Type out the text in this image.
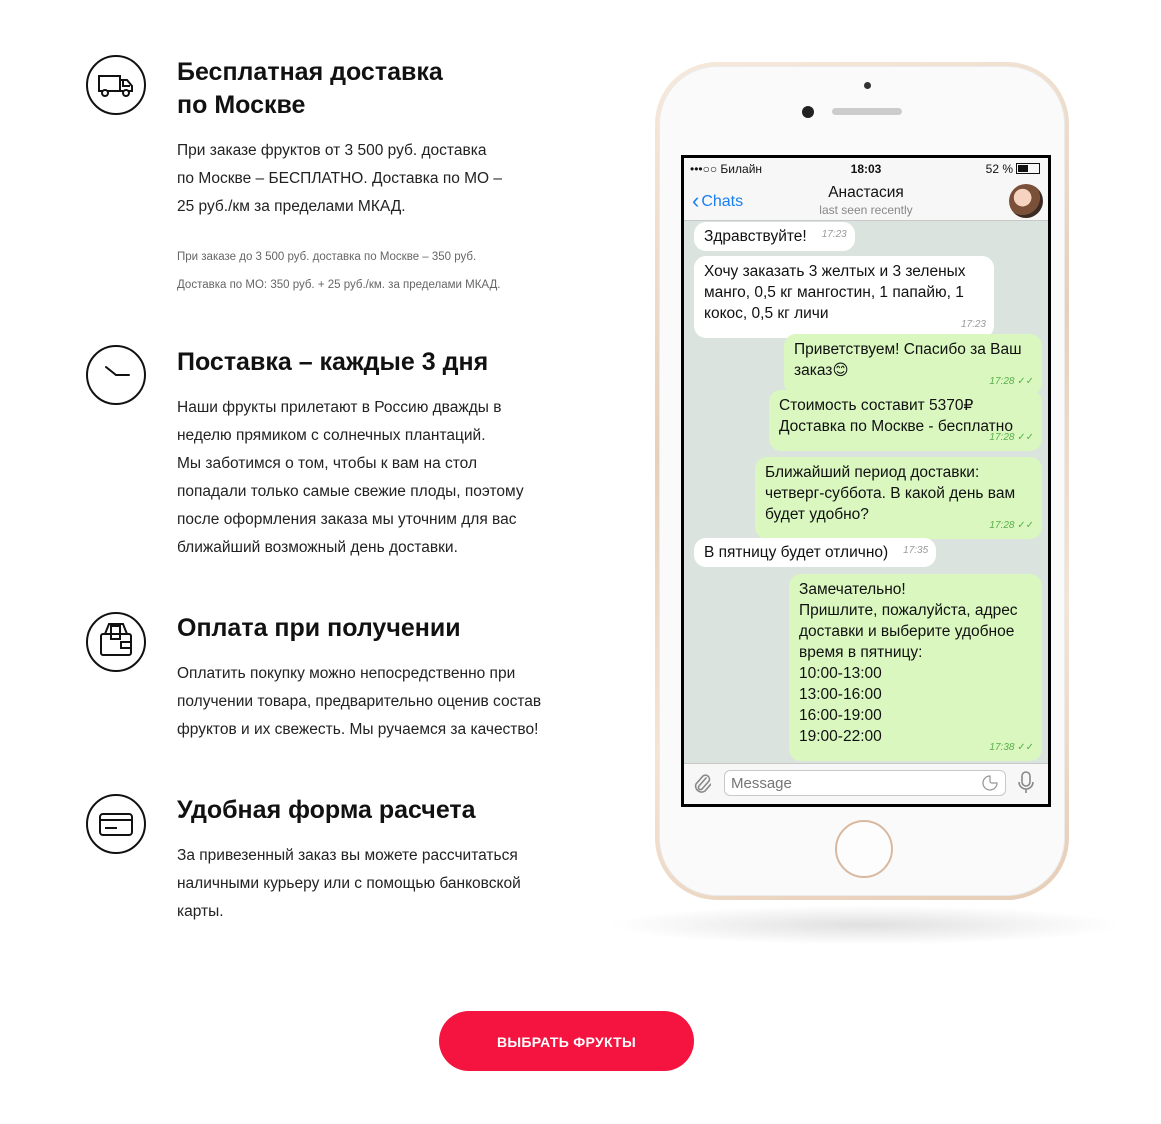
Бесплатная доставка
по Москве
При заказе фруктов от 3 500 руб. доставка
по Москве – БЕСПЛАТНО. Доставка по МО –
25 руб./км за пределами МКАД.
При заказе до 3 500 руб. доставка по Москве – 350 руб.
Доставка по МО: 350 руб. + 25 руб./км. за пределами МКАД.
Поставка – каждые 3 дня
Наши фрукты прилетают в Россию дважды в
неделю прямиком с солнечных плантаций.
Мы заботимся о том, чтобы к вам на стол
попадали только самые свежие плоды, поэтому
после оформления заказа мы уточним для вас
ближайший возможный день доставки.
Оплата при получении
Оплатить покупку можно непосредственно при
получении товара, предварительно оценив состав
фруктов и их свежесть. Мы ручаемся за качество!
Удобная форма расчета
За привезенный заказ вы можете рассчитаться
наличными курьеру или с помощью банковской
карты.
•••○○ Билайн	18:03	52 %
‹ Chats
Анастасия
last seen recently
Здравствуйте! 17:23
Хочу заказать 3 желтых и 3 зеленых
манго, 0,5 кг мангостин, 1 папайю, 1
кокос, 0,5 кг личи
17:23
Приветствуем! Спасибо за Ваш
заказ😊
17:28 ✓✓
Стоимость составит 5370₽
Доставка по Москве - бесплатно
17:28 ✓✓
Ближайший период доставки:
четверг-суббота. В какой день вам
будет удобно?
17:28 ✓✓
В пятницу будет отлично) 17:35
Замечательно!
Пришлите, пожалуйста, адрес
доставки и выберите удобное
время в пятницу:
10:00-13:00
13:00-16:00
16:00-19:00
19:00-22:00
17:38 ✓✓
Message
ВЫБРАТЬ ФРУКТЫ
